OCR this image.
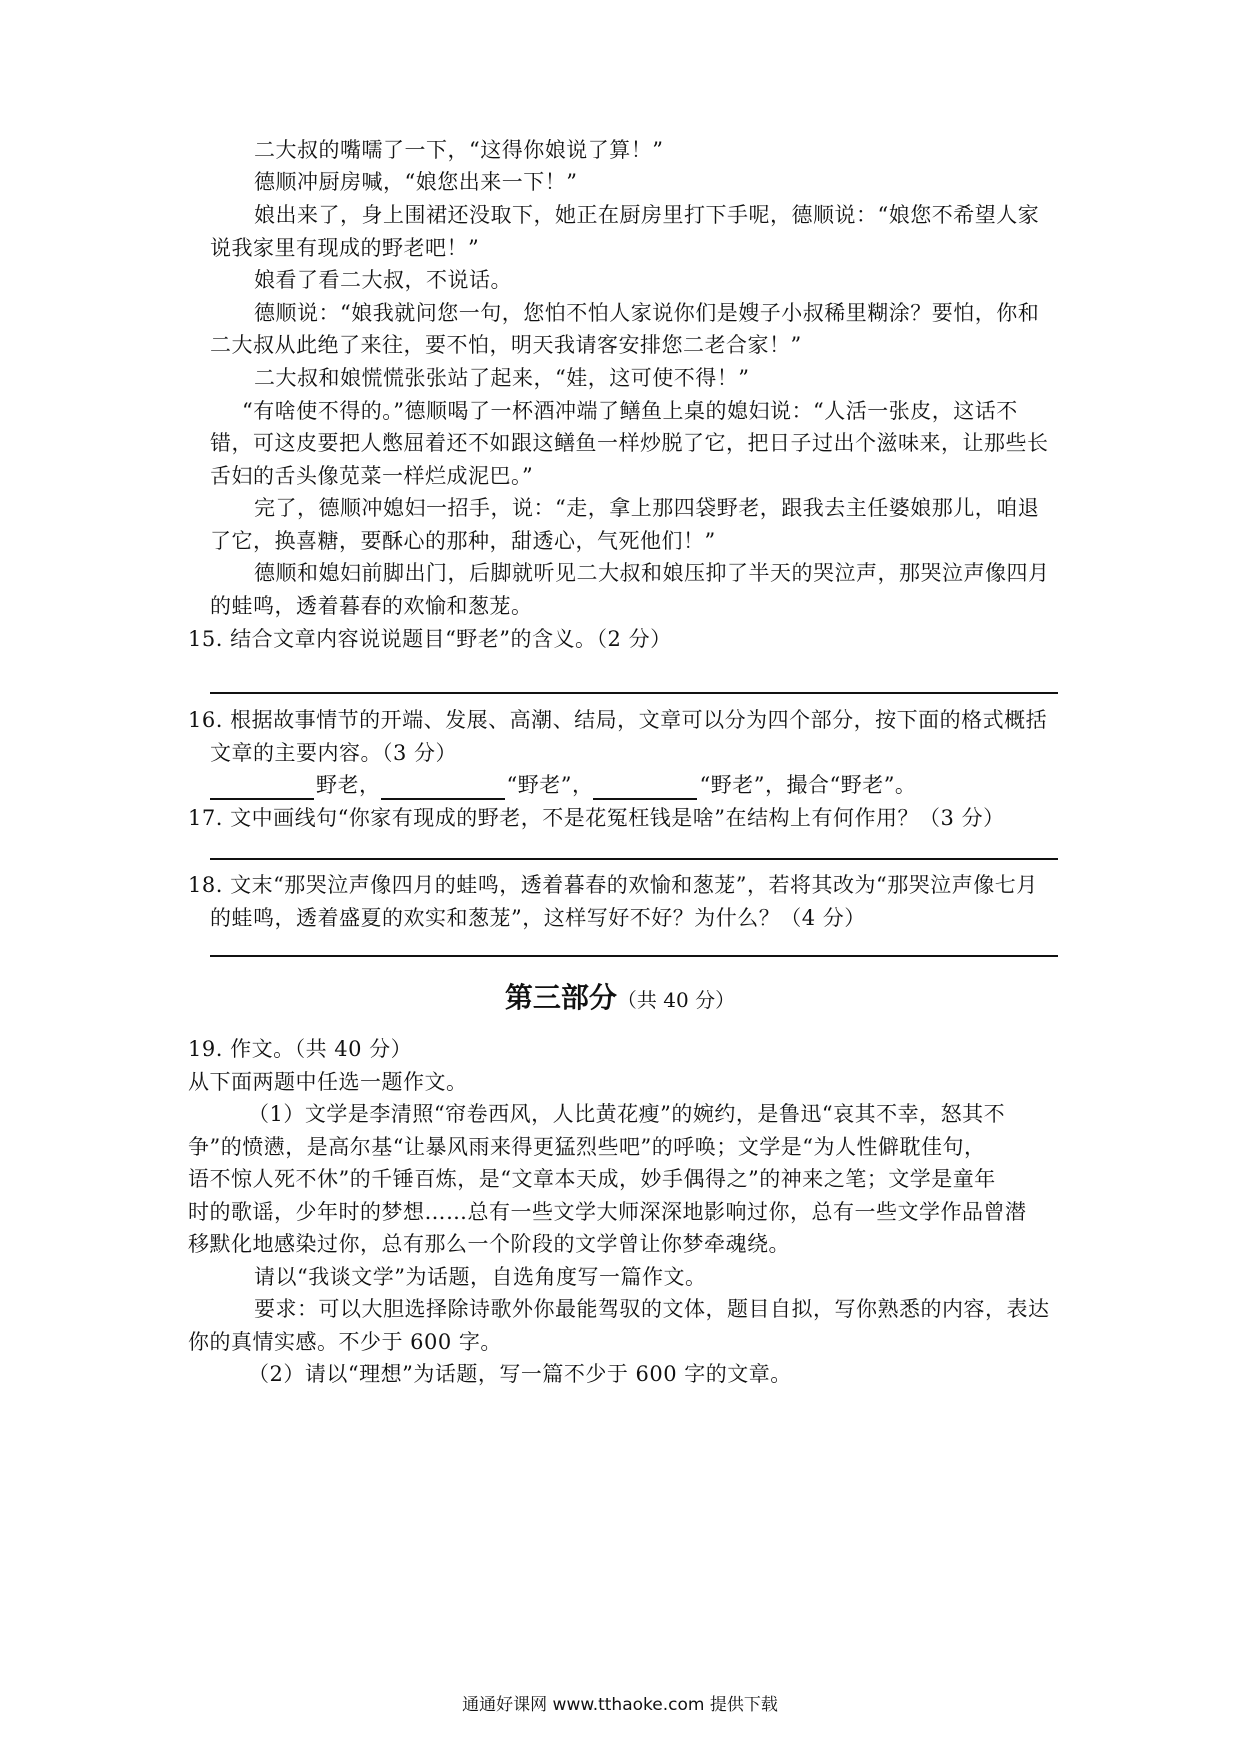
二大叔的嘴嚅了一下，“这得你娘说了算！”
德顺冲厨房喊，“娘您出来一下！”
娘出来了，身上围裙还没取下，她正在厨房里打下手呢，德顺说：“娘您不希望人家
说我家里有现成的野老吧！”
娘看了看二大叔，不说话。
德顺说：“娘我就问您一句，您怕不怕人家说你们是嫂子小叔稀里糊涂？要怕，你和
二大叔从此绝了来往，要不怕，明天我请客安排您二老合家！”
二大叔和娘慌慌张张站了起来，“娃，这可使不得！”
“有啥使不得的。”德顺喝了一杯酒冲端了鳝鱼上桌的媳妇说：“人活一张皮，这话不
错，可这皮要把人憋屈着还不如跟这鳝鱼一样炒脱了它，把日子过出个滋味来，让那些长
舌妇的舌头像苋菜一样烂成泥巴。”
完了，德顺冲媳妇一招手，说：“走，拿上那四袋野老，跟我去主任婆娘那儿，咱退
了它，换喜糖，要酥心的那种，甜透心，气死他们！”
德顺和媳妇前脚出门，后脚就听见二大叔和娘压抑了半天的哭泣声，那哭泣声像四月
的蛙鸣，透着暮春的欢愉和葱茏。
15. 结合文章内容说说题目“野老”的含义。（2 分）
16. 根据故事情节的开端、发展、高潮、结局，文章可以分为四个部分，按下面的格式概括
文章的主要内容。（3 分）
野老，	“野老”，	“野老”，撮合“野老”。
17. 文中画线句“你家有现成的野老，不是花冤枉钱是啥”在结构上有何作用？（3 分）
18. 文末“那哭泣声像四月的蛙鸣，透着暮春的欢愉和葱茏”，若将其改为“那哭泣声像七月
的蛙鸣，透着盛夏的欢实和葱茏”，这样写好不好？为什么？（4 分）
第三部分（共 40 分）
19. 作文。（共 40 分）
从下面两题中任选一题作文。
（1）文学是李清照“帘卷西风，人比黄花瘦”的婉约，是鲁迅“哀其不幸，怒其不
争”的愤懑，是高尔基“让暴风雨来得更猛烈些吧”的呼唤；文学是“为人性僻耽佳句，
语不惊人死不休”的千锤百炼，是“文章本天成，妙手偶得之”的神来之笔；文学是童年
时的歌谣，少年时的梦想……总有一些文学大师深深地影响过你，总有一些文学作品曾潜
移默化地感染过你，总有那么一个阶段的文学曾让你梦牵魂绕。
请以“我谈文学”为话题，自选角度写一篇作文。
要求：可以大胆选择除诗歌外你最能驾驭的文体，题目自拟，写你熟悉的内容，表达
你的真情实感。不少于 600 字。
（2）请以“理想”为话题，写一篇不少于 600 字的文章。
通通好课网 www.tthaoke.com 提供下载
